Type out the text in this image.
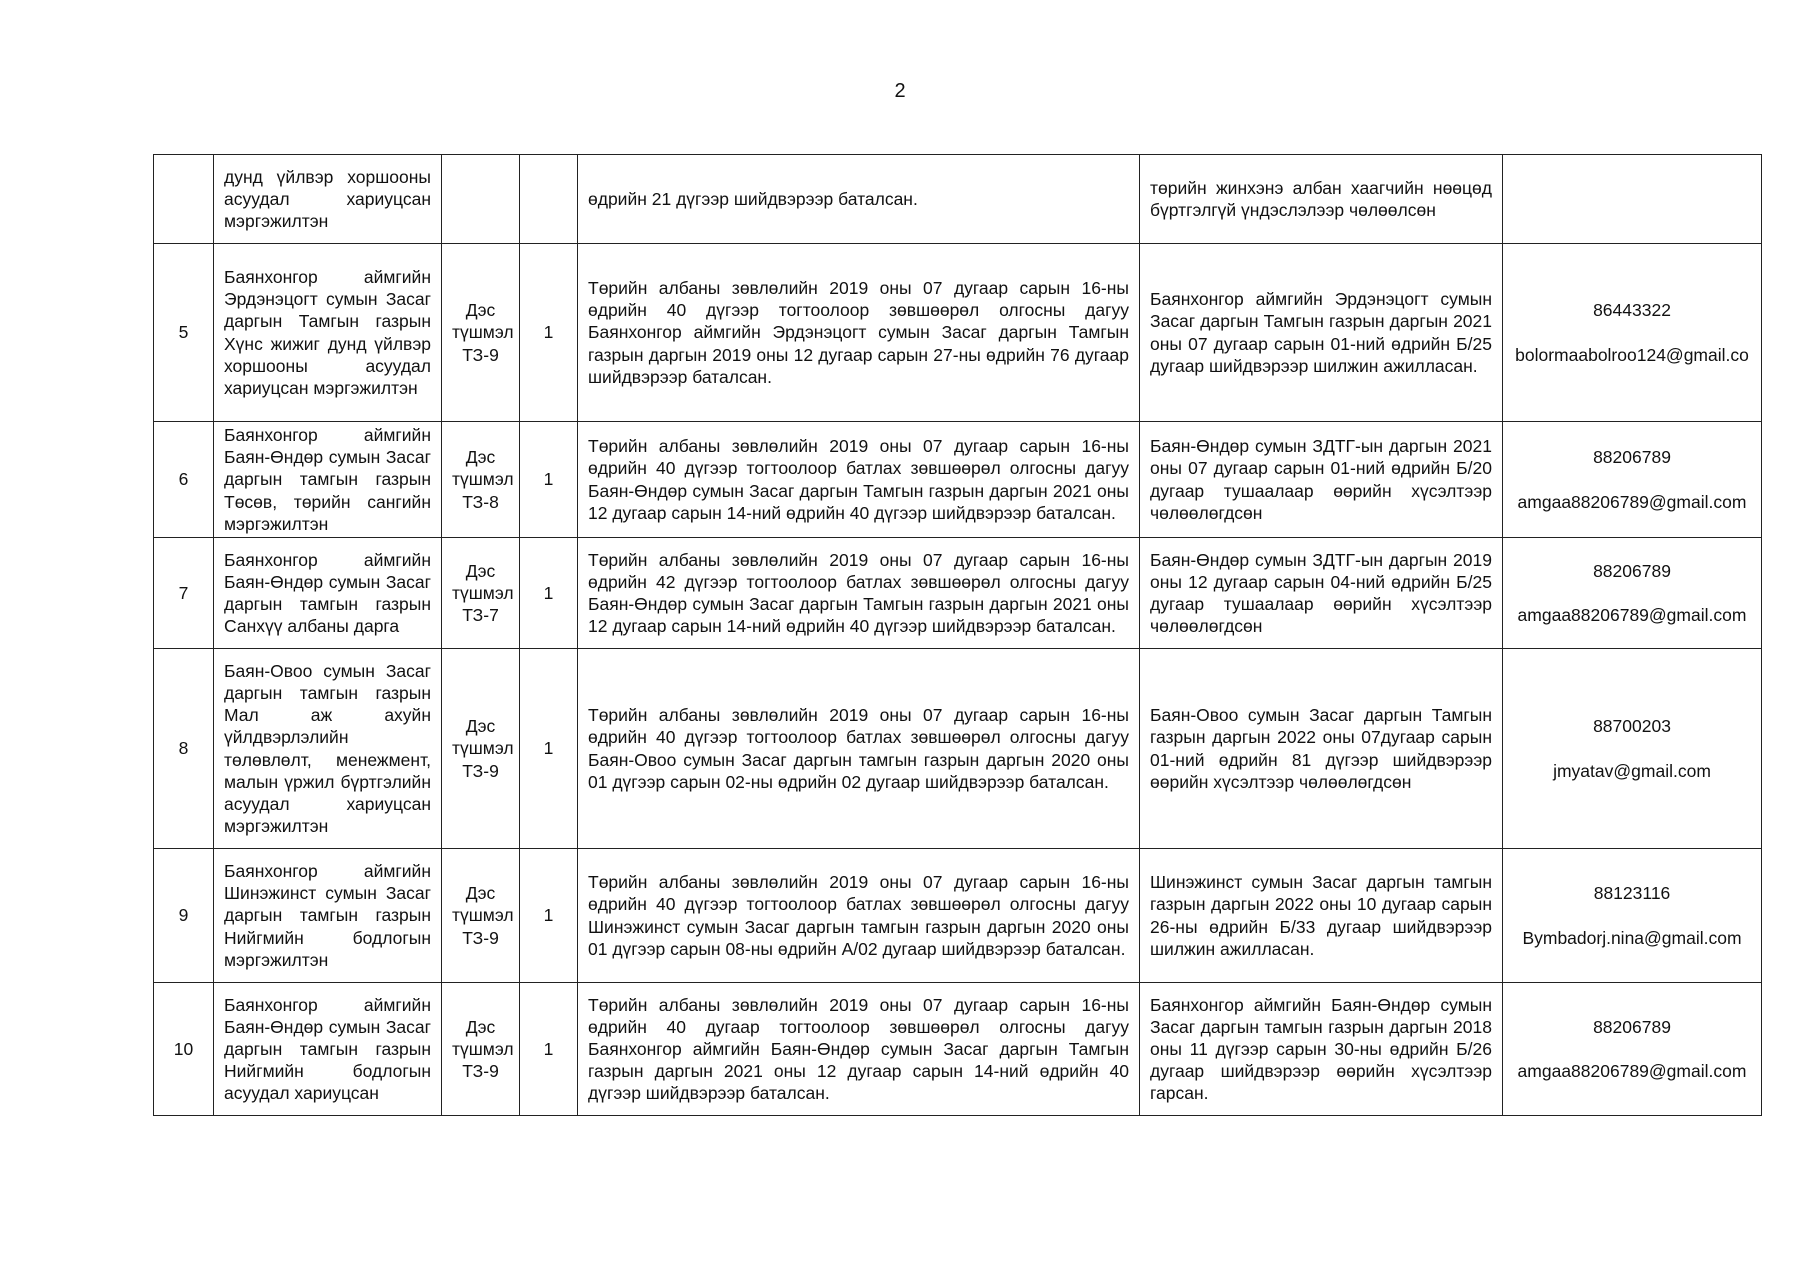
2
	дунд үйлвэр хоршооны асуудал хариуцсан мэргэжилтэн			өдрийн 21 дүгээр шийдвэрээр баталсан.	төрийн жинхэнэ албан хаагчийн нөөцөд бүртгэлгүй үндэслэлээр чөлөөлсөн	

5	Баянхонгор аймгийн Эрдэнэцогт сумын Засаг даргын Тамгын газрын Хүнс жижиг дунд үйлвэр хоршооны асуудал хариуцсан мэргэжилтэн	Дэс түшмэл ТЗ-9	1	Төрийн албаны зөвлөлийн 2019 оны 07 дугаар сарын 16-ны өдрийн 40 дүгээр тогтоолоор зөвшөөрөл олгосны дагуу Баянхонгор аймгийн Эрдэнэцогт сумын Засаг даргын Тамгын газрын даргын 2019 оны 12 дугаар сарын 27-ны өдрийн 76 дугаар шийдвэрээр баталсан.	Баянхонгор аймгийн Эрдэнэцогт сумын Засаг даргын Тамгын газрын даргын 2021 оны 07 дугаар сарын 01-ний өдрийн Б/25 дугаар шийдвэрээр шилжин ажилласан.	86443322
bolormaabolroo124@gmail.co

6	Баянхонгор аймгийн Баян-Өндөр сумын Засаг даргын тамгын газрын Төсөв, төрийн сангийн мэргэжилтэн	Дэс түшмэл ТЗ-8	1	Төрийн албаны зөвлөлийн 2019 оны 07 дугаар сарын 16-ны өдрийн 40 дүгээр тогтоолоор батлах зөвшөөрөл олгосны дагуу Баян-Өндөр сумын Засаг даргын Тамгын газрын даргын 2021 оны 12 дугаар сарын 14-ний өдрийн 40 дүгээр шийдвэрээр баталсан.	Баян-Өндөр сумын ЗДТГ-ын даргын 2021 оны 07 дугаар сарын 01-ний өдрийн Б/20 дугаар тушаалаар өөрийн хүсэлтээр чөлөөлөгдсөн	88206789
amgaa88206789@gmail.com

7	Баянхонгор аймгийн Баян-Өндөр сумын Засаг даргын тамгын газрын Санхүү албаны дарга	Дэс түшмэл ТЗ-7	1	Төрийн албаны зөвлөлийн 2019 оны 07 дугаар сарын 16-ны өдрийн 42 дүгээр тогтоолоор батлах зөвшөөрөл олгосны дагуу Баян-Өндөр сумын Засаг даргын Тамгын газрын даргын 2021 оны 12 дугаар сарын 14-ний өдрийн 40 дүгээр шийдвэрээр баталсан.	Баян-Өндөр сумын ЗДТГ-ын даргын 2019 оны 12 дугаар сарын 04-ний өдрийн Б/25 дугаар тушаалаар өөрийн хүсэлтээр чөлөөлөгдсөн	88206789
amgaa88206789@gmail.com

8	Баян-Овоо сумын Засаг даргын тамгын газрын Мал аж ахуйн үйлдвэрлэлийн төлөвлөлт, менежмент, малын үржил бүртгэлийн асуудал хариуцсан мэргэжилтэн	Дэс түшмэл ТЗ-9	1	Төрийн албаны зөвлөлийн 2019 оны 07 дугаар сарын 16-ны өдрийн 40 дүгээр тогтоолоор батлах зөвшөөрөл олгосны дагуу Баян-Овоо сумын Засаг даргын тамгын газрын даргын 2020 оны 01 дүгээр сарын 02-ны өдрийн 02 дугаар шийдвэрээр баталсан.	Баян-Овоо сумын Засаг даргын Тамгын газрын даргын 2022 оны 07дугаар сарын 01-ний өдрийн 81 дүгээр шийдвэрээр өөрийн хүсэлтээр чөлөөлөгдсөн	88700203
jmyatav@gmail.com

9	Баянхонгор аймгийн Шинэжинст сумын Засаг даргын тамгын газрын Нийгмийн бодлогын мэргэжилтэн	Дэс түшмэл ТЗ-9	1	Төрийн албаны зөвлөлийн 2019 оны 07 дугаар сарын 16-ны өдрийн 40 дүгээр тогтоолоор батлах зөвшөөрөл олгосны дагуу Шинэжинст сумын Засаг даргын тамгын газрын даргын 2020 оны 01 дүгээр сарын 08-ны өдрийн А/02 дугаар шийдвэрээр баталсан.	Шинэжинст сумын Засаг даргын тамгын газрын даргын 2022 оны 10 дугаар сарын 26-ны өдрийн Б/33 дугаар шийдвэрээр шилжин ажилласан.	88123116
Bymbadorj.nina@gmail.com

10	Баянхонгор аймгийн Баян-Өндөр сумын Засаг даргын тамгын газрын Нийгмийн бодлогын асуудал хариуцсан	Дэс түшмэл ТЗ-9	1	Төрийн албаны зөвлөлийн 2019 оны 07 дугаар сарын 16-ны өдрийн 40 дугаар тогтоолоор зөвшөөрөл олгосны дагуу Баянхонгор аймгийн Баян-Өндөр сумын Засаг даргын Тамгын газрын даргын 2021 оны 12 дугаар сарын 14-ний өдрийн 40 дүгээр шийдвэрээр баталсан.	Баянхонгор аймгийн Баян-Өндөр сумын Засаг даргын тамгын газрын даргын 2018 оны 11 дүгээр сарын 30-ны өдрийн Б/26 дугаар шийдвэрээр өөрийн хүсэлтээр гарсан.	88206789
amgaa88206789@gmail.com
